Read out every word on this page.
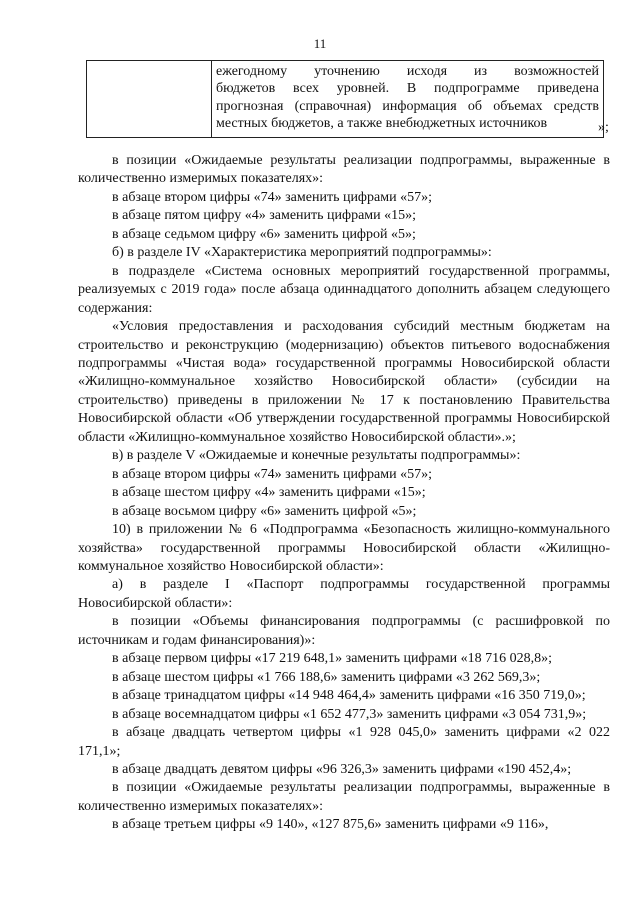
11

ежегодному уточнению исходя из возможностей
бюджетов всех уровней. В подпрограмме приведена
прогнозная (справочная) информация об объемах средств
местных бюджетов, а также внебюджетных источников	»;

в позиции «Ожидаемые результаты реализации подпрограммы, выраженные в количественно измеримых показателях»:

в абзаце втором цифры «74» заменить цифрами «57»;

в абзаце пятом цифру «4» заменить цифрами «15»;

в абзаце седьмом цифру «6» заменить цифрой «5»;

б) в разделе IV «Характеристика мероприятий подпрограммы»:

в подразделе «Система основных мероприятий государственной программы, реализуемых с 2019 года» после абзаца одиннадцатого дополнить абзацем следующего содержания:

«Условия предоставления и расходования субсидий местным бюджетам на строительство и реконструкцию (модернизацию) объектов питьевого водоснабжения подпрограммы «Чистая вода» государственной программы Новосибирской области «Жилищно-коммунальное хозяйство Новосибирской области» (субсидии на строительство) приведены в приложении № 17 к постановлению Правительства Новосибирской области «Об утверждении государственной программы Новосибирской области «Жилищно-коммунальное хозяйство Новосибирской области».»;

в) в разделе V «Ожидаемые и конечные результаты подпрограммы»:

в абзаце втором цифры «74» заменить цифрами «57»;

в абзаце шестом цифру «4» заменить цифрами «15»;

в абзаце восьмом цифру «6» заменить цифрой «5»;

10) в приложении № 6 «Подпрограмма «Безопасность жилищно-коммунального хозяйства» государственной программы Новосибирской области «Жилищно-коммунальное хозяйство Новосибирской области»:

а) в разделе I «Паспорт подпрограммы государственной программы Новосибирской области»:

в позиции «Объемы финансирования подпрограммы (с расшифровкой по источникам и годам финансирования)»:

в абзаце первом цифры «17 219 648,1» заменить цифрами «18 716 028,8»;

в абзаце шестом цифры «1 766 188,6» заменить цифрами «3 262 569,3»;

в абзаце тринадцатом цифры «14 948 464,4» заменить цифрами «16 350 719,0»;

в абзаце восемнадцатом цифры «1 652 477,3» заменить цифрами «3 054 731,9»;

в абзаце двадцать четвертом цифры «1 928 045,0» заменить цифрами «2 022 171,1»;

в абзаце двадцать девятом цифры «96 326,3» заменить цифрами «190 452,4»;

в позиции «Ожидаемые результаты реализации подпрограммы, выраженные в количественно измеримых показателях»:

в абзаце третьем цифры «9 140», «127 875,6» заменить цифрами «9 116»,
